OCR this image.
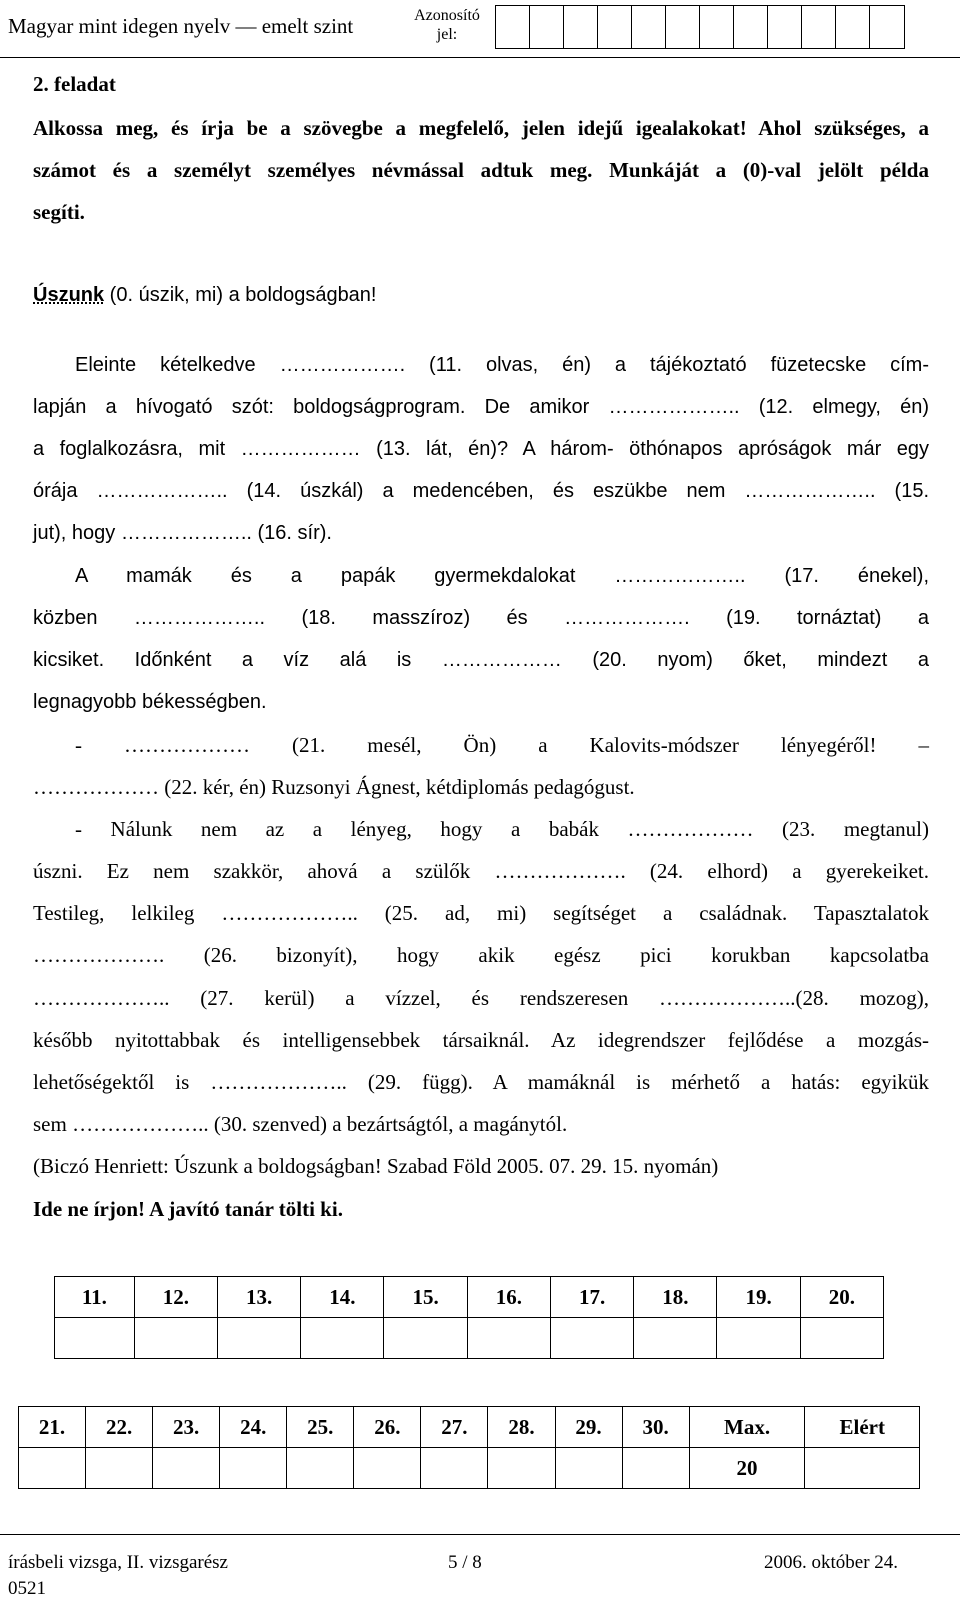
Magyar mint idegen nyelv — emelt szint	Azonosító
jel:
2. feladat
Alkossa meg, és írja be a szövegbe a megfelelő, jelen idejű igealakokat! Ahol szükséges, a
számot és a személyt személyes névmással adtuk meg. Munkáját a (0)-val jelölt példa
segíti.
Úszunk (0. úszik, mi) a boldogságban!
Eleinte kételkedve ………………. (11. olvas, én) a tájékoztató füzetecske cím-
lapján a hívogató szót: boldogságprogram. De amikor ……………….. (12. elmegy, én)
a foglalkozásra, mit ……………… (13. lát, én)? A három- öthónapos apróságok már egy
órája ……………….. (14. úszkál) a medencében, és eszükbe nem ……………….. (15.
jut), hogy ……………….. (16. sír).
A mamák és a papák gyermekdalokat ……………….. (17. énekel),
közben ……………….. (18. masszíroz) és ………………. (19. tornáztat) a
kicsiket. Időnként a víz alá is ……………… (20. nyom) őket, mindezt a
legnagyobb békességben.
- ……………… (21. mesél, Ön) a Kalovits-módszer lényegéről! –
……………… (22. kér, én) Ruzsonyi Ágnest, kétdiplomás pedagógust.
- Nálunk nem az a lényeg, hogy a babák ……………… (23. megtanul)
úszni. Ez nem szakkör, ahová a szülők ………………. (24. elhord) a gyerekeiket.
Testileg, lelkileg ……………….. (25. ad, mi) segítséget a családnak. Tapasztalatok
………………. (26. bizonyít), hogy akik egész pici korukban kapcsolatba
……………….. (27. kerül) a vízzel, és rendszeresen ………………..(28. mozog),
később nyitottabbak és intelligensebbek társaiknál. Az idegrendszer fejlődése a mozgás-
lehetőségektől is ……………….. (29. függ). A mamáknál is mérhető a hatás: egyikük
sem ……………….. (30. szenved) a bezártságtól, a magánytól.
(Biczó Henriett: Úszunk a boldogságban! Szabad Föld 2005. 07. 29. 15. nyomán)
Ide ne írjon! A javító tanár tölti ki.
11.	12.	13.	14.	15.	16.	17.	18.	19.	20.

21.	22.	23.	24.	25.	26.	27.	28.	29.	30.	Max.	Elért
										20	
írásbeli vizsga, II. vizsgarész	5 / 8	2006. október 24.
0521
